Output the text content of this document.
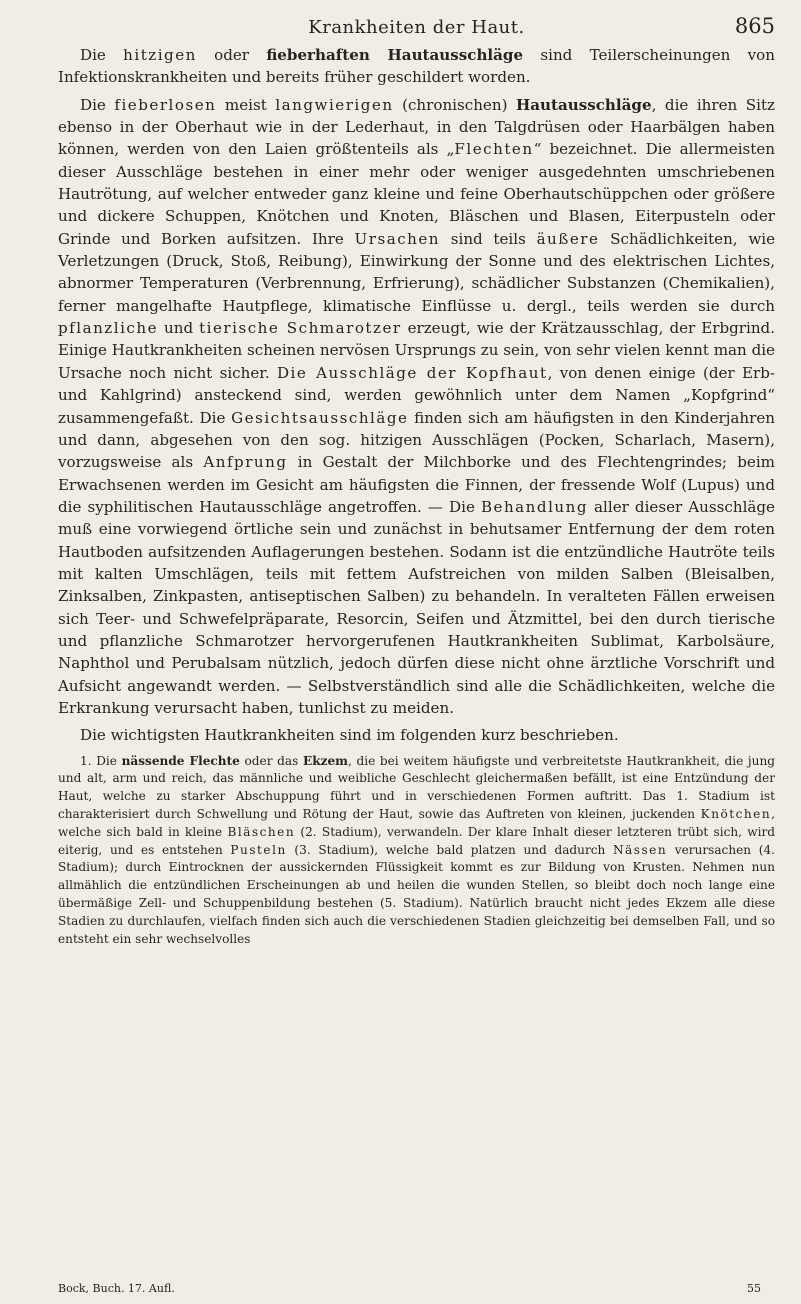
Krankheiten der Haut.	865

Die hitzigen oder fieberhaften Hautausschläge sind Teilerscheinungen von Infektionskrankheiten und bereits früher geschildert worden.

Die fieberlosen meist langwierigen (chronischen) Hautausschläge, die ihren Sitz ebenso in der Oberhaut wie in der Lederhaut, in den Talgdrüsen oder Haarbälgen haben können, werden von den Laien größtenteils als „Flechten“ bezeichnet. Die allermeisten dieser Ausschläge bestehen in einer mehr oder weniger ausgedehnten umschriebenen Hautrötung, auf welcher entweder ganz kleine und feine Oberhautschüppchen oder größere und dickere Schuppen, Knötchen und Knoten, Bläschen und Blasen, Eiterpusteln oder Grinde und Borken aufsitzen. Ihre Ursachen sind teils äußere Schädlichkeiten, wie Verletzungen (Druck, Stoß, Reibung), Einwirkung der Sonne und des elektrischen Lichtes, abnormer Temperaturen (Verbrennung, Erfrierung), schädlicher Substanzen (Chemikalien), ferner mangelhafte Hautpflege, klimatische Einflüsse u. dergl., teils werden sie durch pflanzliche und tierische Schmarotzer erzeugt, wie der Krätzausschlag, der Erbgrind. Einige Hautkrankheiten scheinen nervösen Ursprungs zu sein, von sehr vielen kennt man die Ursache noch nicht sicher. Die Ausschläge der Kopfhaut, von denen einige (der Erb- und Kahlgrind) ansteckend sind, werden gewöhnlich unter dem Namen „Kopfgrind“ zusammengefaßt. Die Gesichtsausschläge finden sich am häufigsten in den Kinderjahren und dann, abgesehen von den sog. hitzigen Ausschlägen (Pocken, Scharlach, Masern), vorzugsweise als Anfprung in Gestalt der Milchborke und des Flechtengrindes; beim Erwachsenen werden im Gesicht am häufigsten die Finnen, der fressende Wolf (Lupus) und die syphilitischen Hautausschläge angetroffen. — Die Behandlung aller dieser Ausschläge muß eine vorwiegend örtliche sein und zunächst in behutsamer Entfernung der dem roten Hautboden aufsitzenden Auflagerungen bestehen. Sodann ist die entzündliche Hautröte teils mit kalten Umschlägen, teils mit fettem Aufstreichen von milden Salben (Bleisalben, Zinksalben, Zinkpasten, antiseptischen Salben) zu behandeln. In veralteten Fällen erweisen sich Teer- und Schwefelpräparate, Resorcin, Seifen und Ätzmittel, bei den durch tierische und pflanzliche Schmarotzer hervorgerufenen Hautkrankheiten Sublimat, Karbolsäure, Naphthol und Perubalsam nützlich, jedoch dürfen diese nicht ohne ärztliche Vorschrift und Aufsicht angewandt werden. — Selbstverständlich sind alle die Schädlichkeiten, welche die Erkrankung verursacht haben, tunlichst zu meiden.

Die wichtigsten Hautkrankheiten sind im folgenden kurz beschrieben.

1. Die nässende Flechte oder das Ekzem, die bei weitem häufigste und verbreitetste Hautkrankheit, die jung und alt, arm und reich, das männliche und weibliche Geschlecht gleichermaßen befällt, ist eine Entzündung der Haut, welche zu starker Abschuppung führt und in verschiedenen Formen auftritt. Das 1. Stadium ist charakterisiert durch Schwellung und Rötung der Haut, sowie das Auftreten von kleinen, juckenden Knötchen, welche sich bald in kleine Bläschen (2. Stadium), verwandeln. Der klare Inhalt dieser letzteren trübt sich, wird eiterig, und es entstehen Pusteln (3. Stadium), welche bald platzen und dadurch Nässen verursachen (4. Stadium); durch Eintrocknen der aussickernden Flüssigkeit kommt es zur Bildung von Krusten. Nehmen nun allmählich die entzündlichen Erscheinungen ab und heilen die wunden Stellen, so bleibt doch noch lange eine übermäßige Zell- und Schuppenbildung bestehen (5. Stadium). Natürlich braucht nicht jedes Ekzem alle diese Stadien zu durchlaufen, vielfach finden sich auch die verschiedenen Stadien gleichzeitig bei demselben Fall, und so entsteht ein sehr wechselvolles

Bock, Buch. 17. Aufl.	55
